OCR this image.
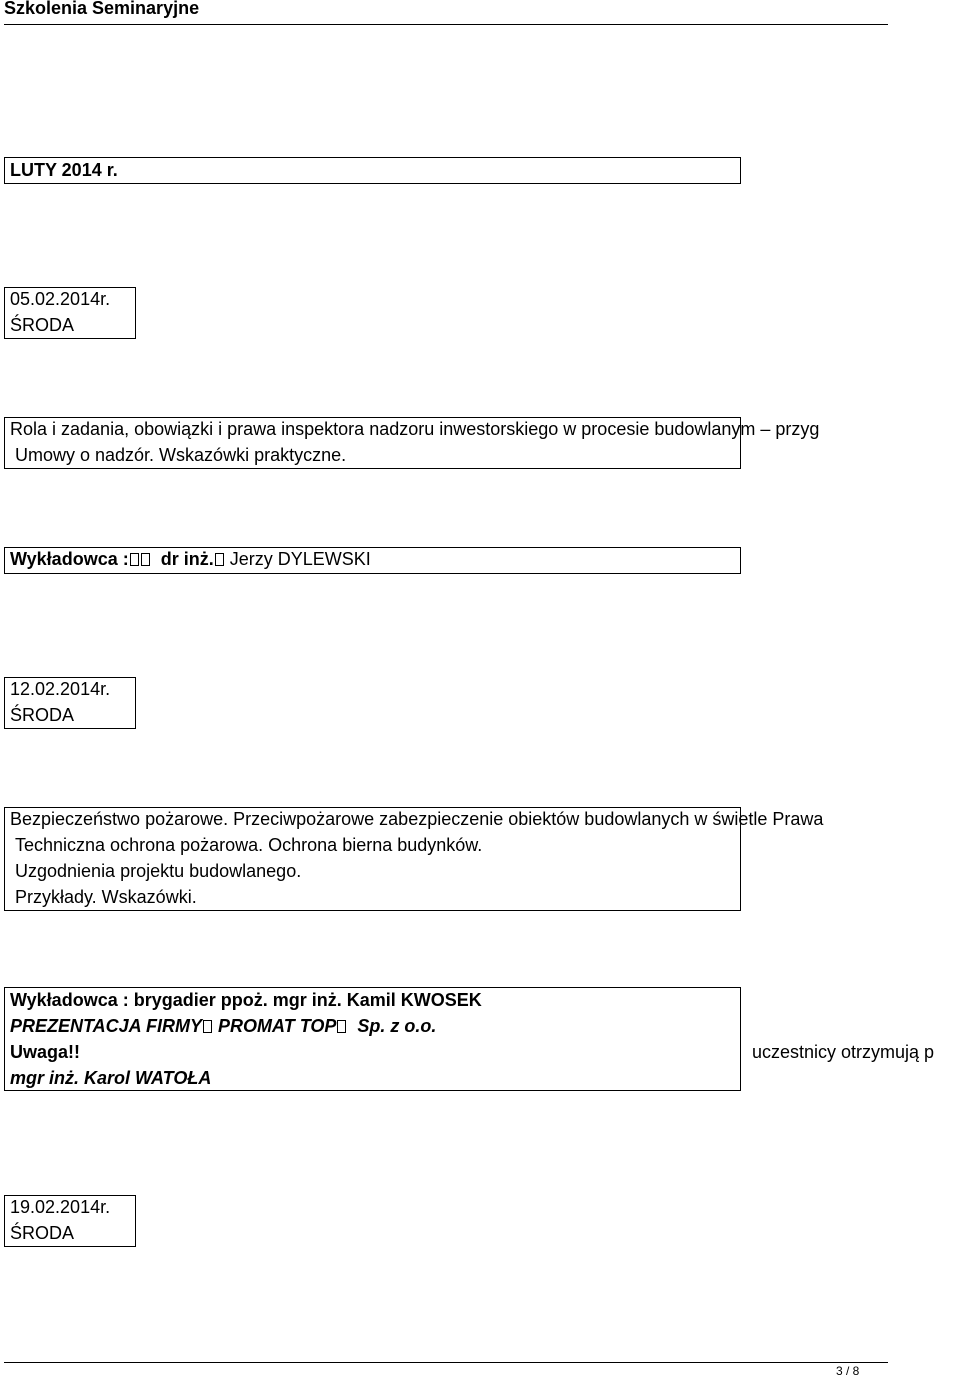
Szkolenia Seminaryjne
LUTY 2014 r.
05.02.2014r.
ŚRODA
Rola i zadania, obowiązki i prawa inspektora nadzoru inwestorskiego w procesie budowlanym – przyg
Umowy o nadzór. Wskazówki praktyczne.
Wykładowca : dr inż. Jerzy DYLEWSKI
12.02.2014r.
ŚRODA
Bezpieczeństwo pożarowe. Przeciwpożarowe zabezpieczenie obiektów budowlanych w świetle Prawa
Techniczna ochrona pożarowa. Ochrona bierna budynków.
Uzgodnienia projektu budowlanego.
Przykłady. Wskazówki.
Wykładowca : brygadier ppoż. mgr inż. Kamil KWOSEK
PREZENTACJA FIRMY PROMAT TOP Sp. z o.o.
Uwaga!!	uczestnicy otrzymują p
mgr inż. Karol WATOŁA
19.02.2014r.
ŚRODA
3 / 8
